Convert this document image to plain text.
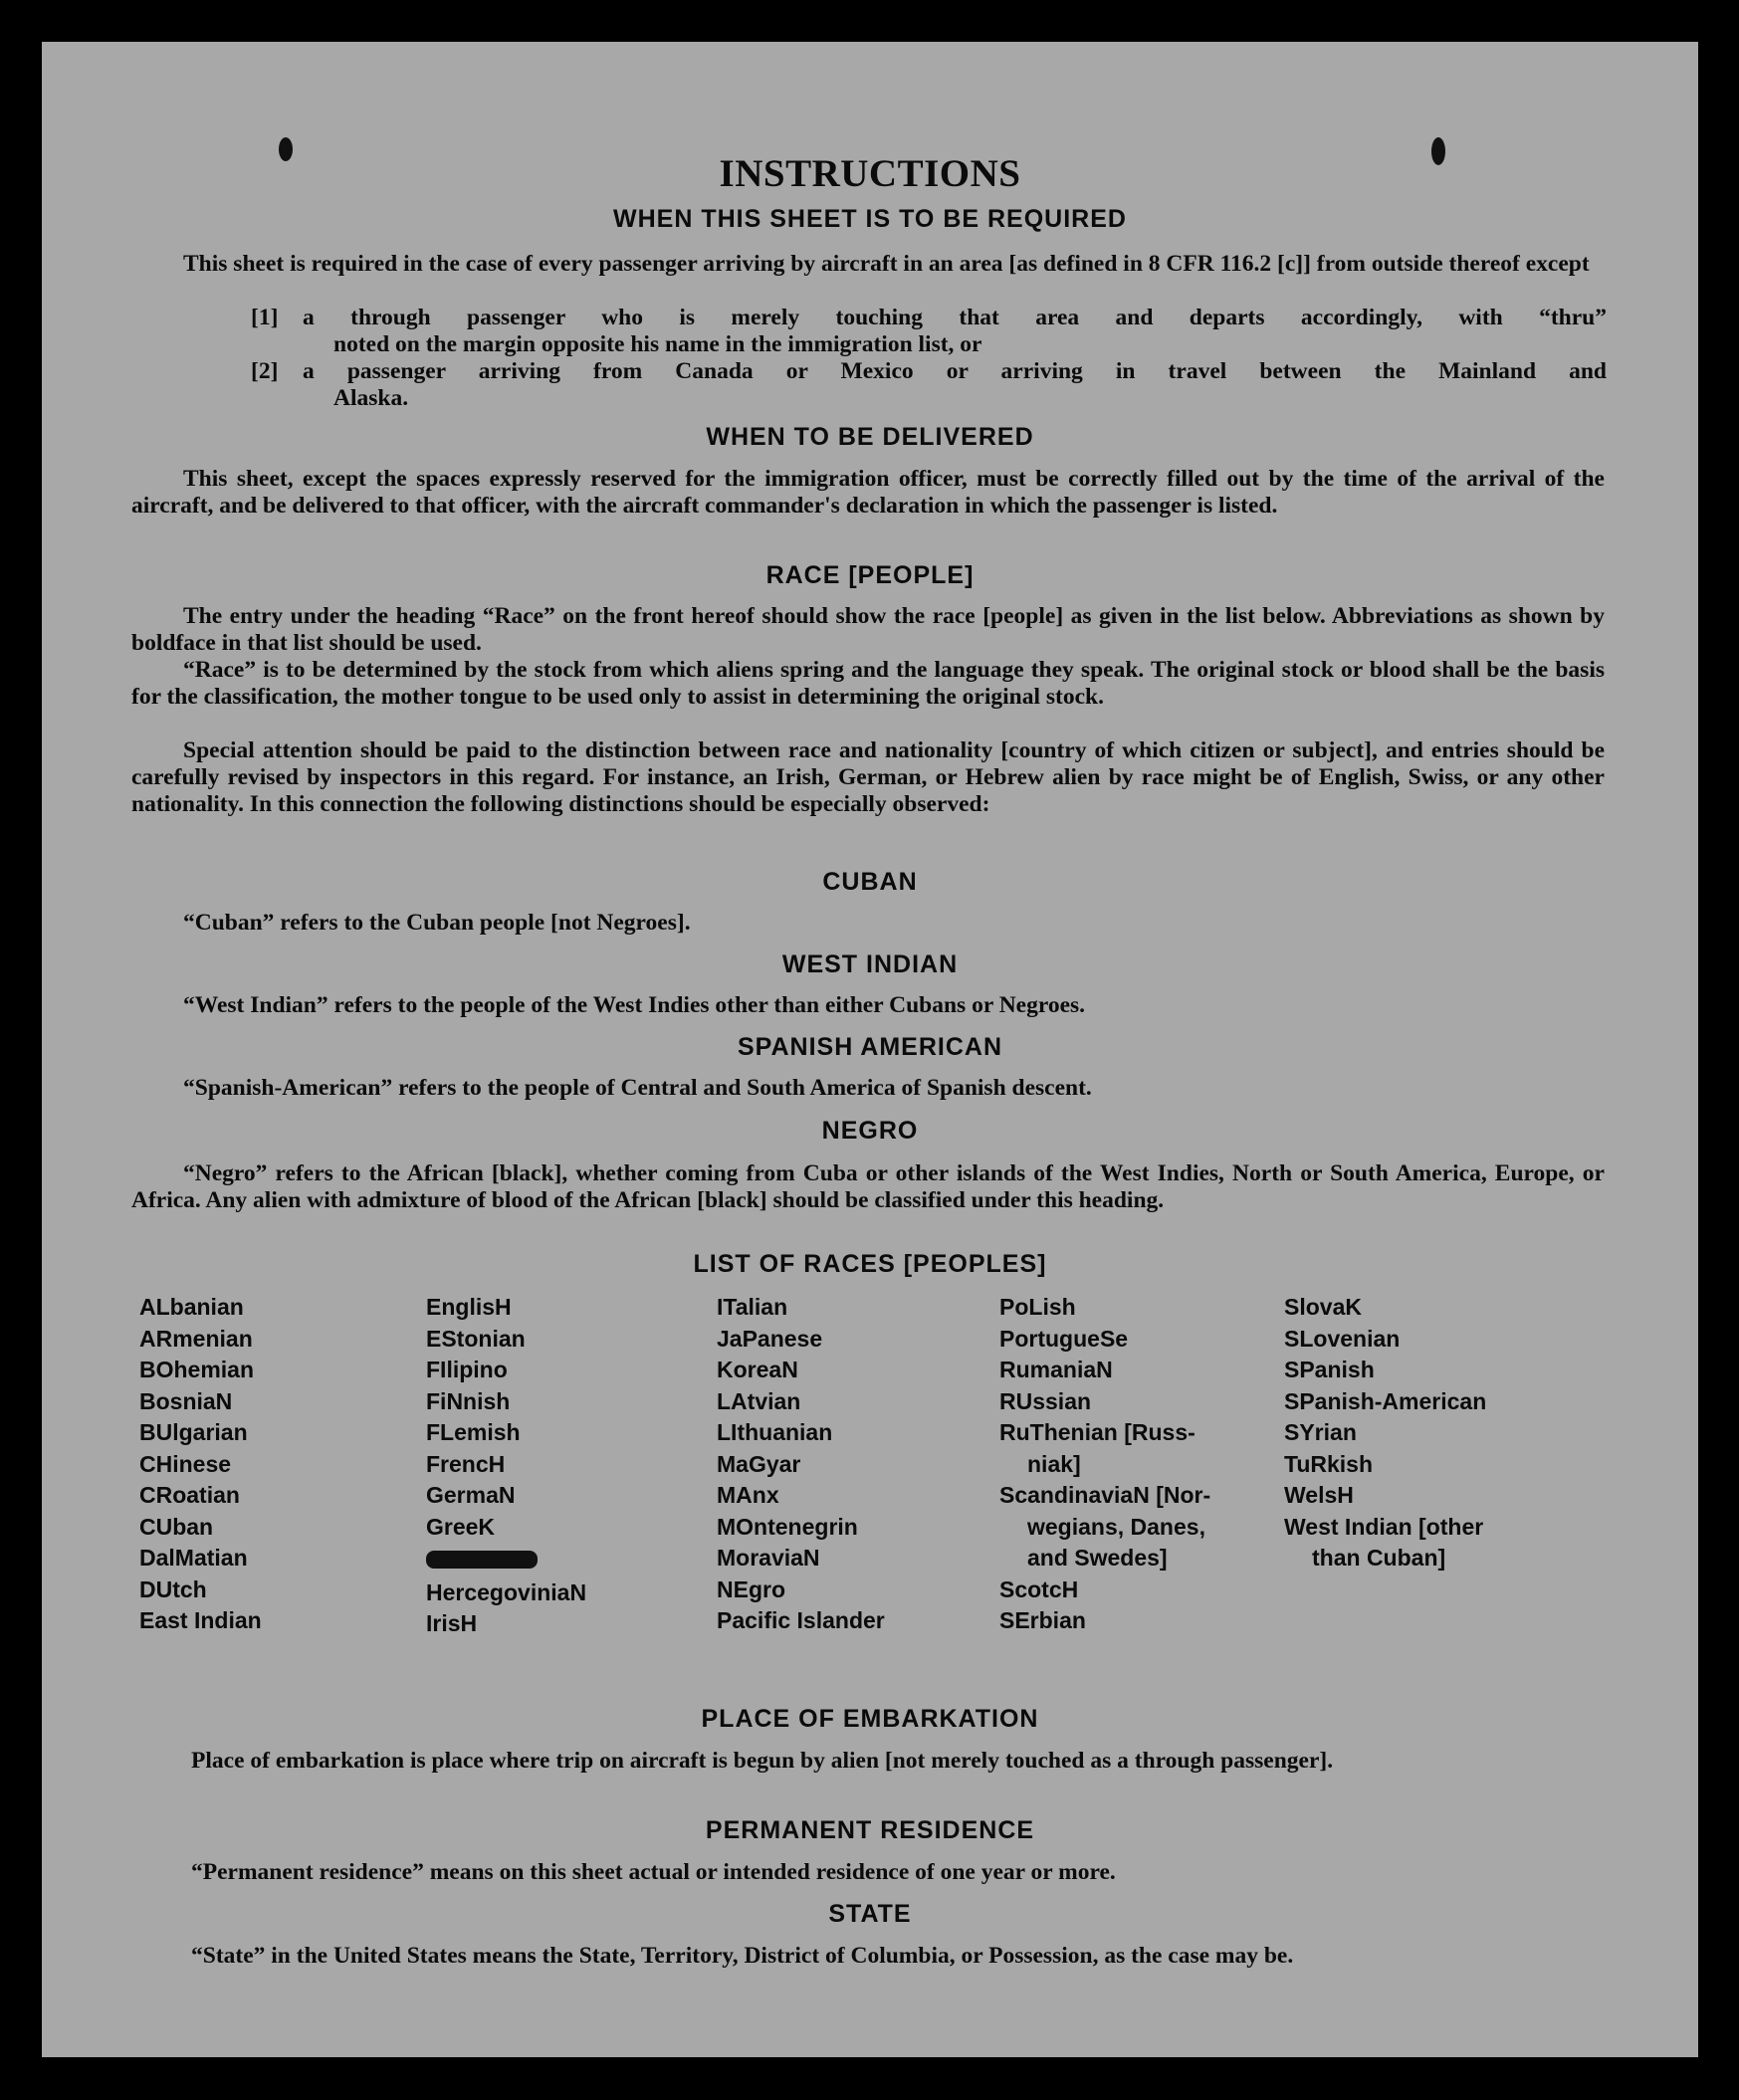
INSTRUCTIONS
WHEN THIS SHEET IS TO BE REQUIRED
This sheet is required in the case of every passenger arriving by aircraft in an area [as defined in 8 CFR 116.2 [c]] from outside thereof except
[1] a through passenger who is merely touching that area and departs accordingly, with “thru”
noted on the margin opposite his name in the immigration list, or
[2] a passenger arriving from Canada or Mexico or arriving in travel between the Mainland and
Alaska.
WHEN TO BE DELIVERED
This sheet, except the spaces expressly reserved for the immigration officer, must be correctly filled out by the time of the arrival of the aircraft, and be delivered to that officer, with the aircraft commander's declaration in which the passenger is listed.
RACE [PEOPLE]
The entry under the heading “Race” on the front hereof should show the race [people] as given in the list below. Abbreviations as shown by boldface in that list should be used.
“Race” is to be determined by the stock from which aliens spring and the language they speak. The original stock or blood shall be the basis for the classification, the mother tongue to be used only to assist in determining the original stock.
Special attention should be paid to the distinction between race and nationality [country of which citizen or subject], and entries should be carefully revised by inspectors in this regard. For instance, an Irish, German, or Hebrew alien by race might be of English, Swiss, or any other nationality. In this connection the following distinctions should be especially observed:
CUBAN
“Cuban” refers to the Cuban people [not Negroes].
WEST INDIAN
“West Indian” refers to the people of the West Indies other than either Cubans or Negroes.
SPANISH AMERICAN
“Spanish-American” refers to the people of Central and South America of Spanish descent.
NEGRO
“Negro” refers to the African [black], whether coming from Cuba or other islands of the West Indies, North or South America, Europe, or Africa. Any alien with admixture of blood of the African [black] should be classified under this heading.
LIST OF RACES [PEOPLES]
ALbanian
ARmenian
BOhemian
BosniaN
BUlgarian
CHinese
CRoatian
CUban
DalMatian
DUtch
East Indian
EnglisH
EStonian
FIlipino
FiNnish
FLemish
FrencH
GermaN
GreeK
HercegoviniaN
IrisH
ITalian
JaPanese
KoreaN
LAtvian
LIthuanian
MaGyar
MAnx
MOntenegrin
MoraviaN
NEgro
Pacific Islander
PoLish
PortugueSe
RumaniaN
RUssian
RuThenian [Russ-
niak]
ScandinaviaN [Nor-
wegians, Danes,
and Swedes]
ScotcH
SErbian
SlovaK
SLovenian
SPanish
SPanish-American
SYrian
TuRkish
WelsH
West Indian [other
than Cuban]
PLACE OF EMBARKATION
Place of embarkation is place where trip on aircraft is begun by alien [not merely touched as a through passenger].
PERMANENT RESIDENCE
“Permanent residence” means on this sheet actual or intended residence of one year or more.
STATE
“State” in the United States means the State, Territory, District of Columbia, or Possession, as the case may be.
